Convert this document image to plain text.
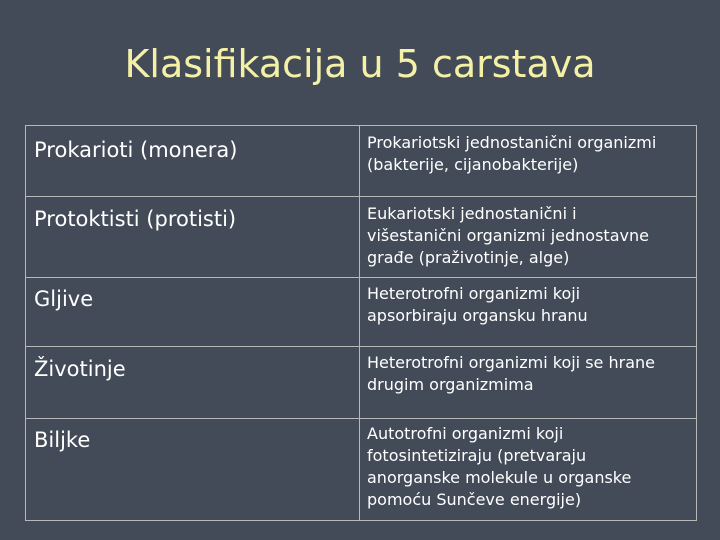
Klasifikacija u 5 carstava
Prokarioti (monera)	Prokariotski jednostanični organizmi
(bakterije, cijanobakterije)
Protoktisti (protisti)	Eukariotski jednostanični i
višestanični organizmi jednostavne
građe (praživotinje, alge)
Gljive	Heterotrofni organizmi koji
apsorbiraju organsku hranu
Životinje	Heterotrofni organizmi koji se hrane
drugim organizmima
Biljke	Autotrofni organizmi koji
fotosintetiziraju (pretvaraju
anorganske molekule u organske
pomoću Sunčeve energije)
